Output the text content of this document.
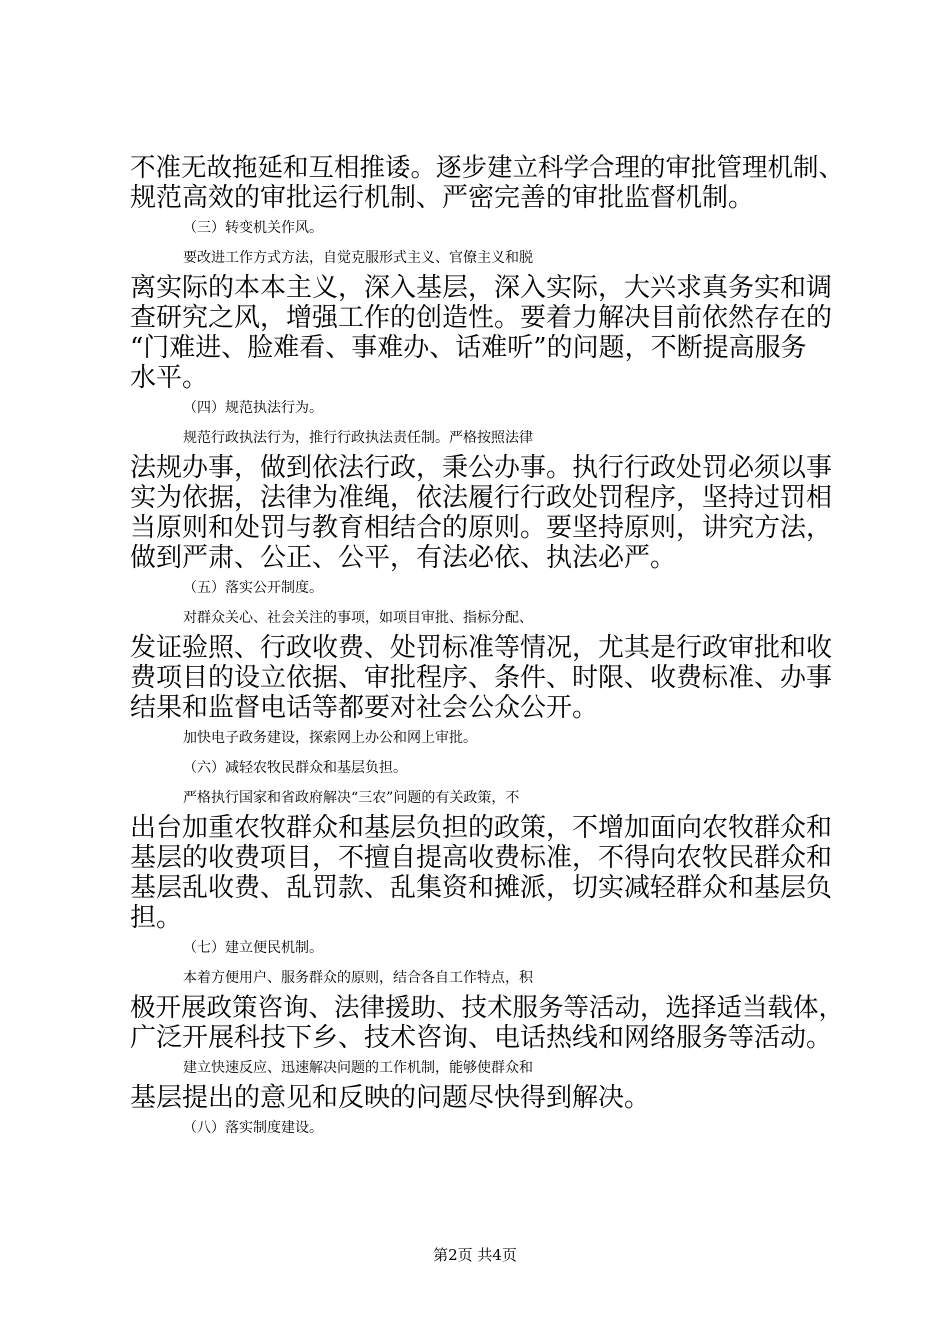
不准无故拖延和互相推诿。逐步建立科学合理的审批管理机制、
规范高效的审批运行机制、严密完善的审批监督机制。
（三）转变机关作风。
要改进工作方式方法，自觉克服形式主义、官僚主义和脱
离实际的本本主义，深入基层，深入实际，大兴求真务实和调
查研究之风，增强工作的创造性。要着力解决目前依然存在的
“门难进、脸难看、事难办、话难听”的问题，不断提高服务
水平。
（四）规范执法行为。
规范行政执法行为，推行行政执法责任制。严格按照法律
法规办事，做到依法行政，秉公办事。执行行政处罚必须以事
实为依据，法律为准绳，依法履行行政处罚程序，坚持过罚相
当原则和处罚与教育相结合的原则。要坚持原则，讲究方法，
做到严肃、公正、公平，有法必依、执法必严。
（五）落实公开制度。
对群众关心、社会关注的事项，如项目审批、指标分配、
发证验照、行政收费、处罚标准等情况，尤其是行政审批和收
费项目的设立依据、审批程序、条件、时限、收费标准、办事
结果和监督电话等都要对社会公众公开。
加快电子政务建设，探索网上办公和网上审批。
（六）减轻农牧民群众和基层负担。
严格执行国家和省政府解决“三农”问题的有关政策，不
出台加重农牧群众和基层负担的政策，不增加面向农牧群众和
基层的收费项目，不擅自提高收费标准，不得向农牧民群众和
基层乱收费、乱罚款、乱集资和摊派，切实减轻群众和基层负
担。
（七）建立便民机制。
本着方便用户、服务群众的原则，结合各自工作特点，积
极开展政策咨询、法律援助、技术服务等活动，选择适当载体，
广泛开展科技下乡、技术咨询、电话热线和网络服务等活动。
建立快速反应、迅速解决问题的工作机制，能够使群众和
基层提出的意见和反映的问题尽快得到解决。
（八）落实制度建设。
第2页 共4页
